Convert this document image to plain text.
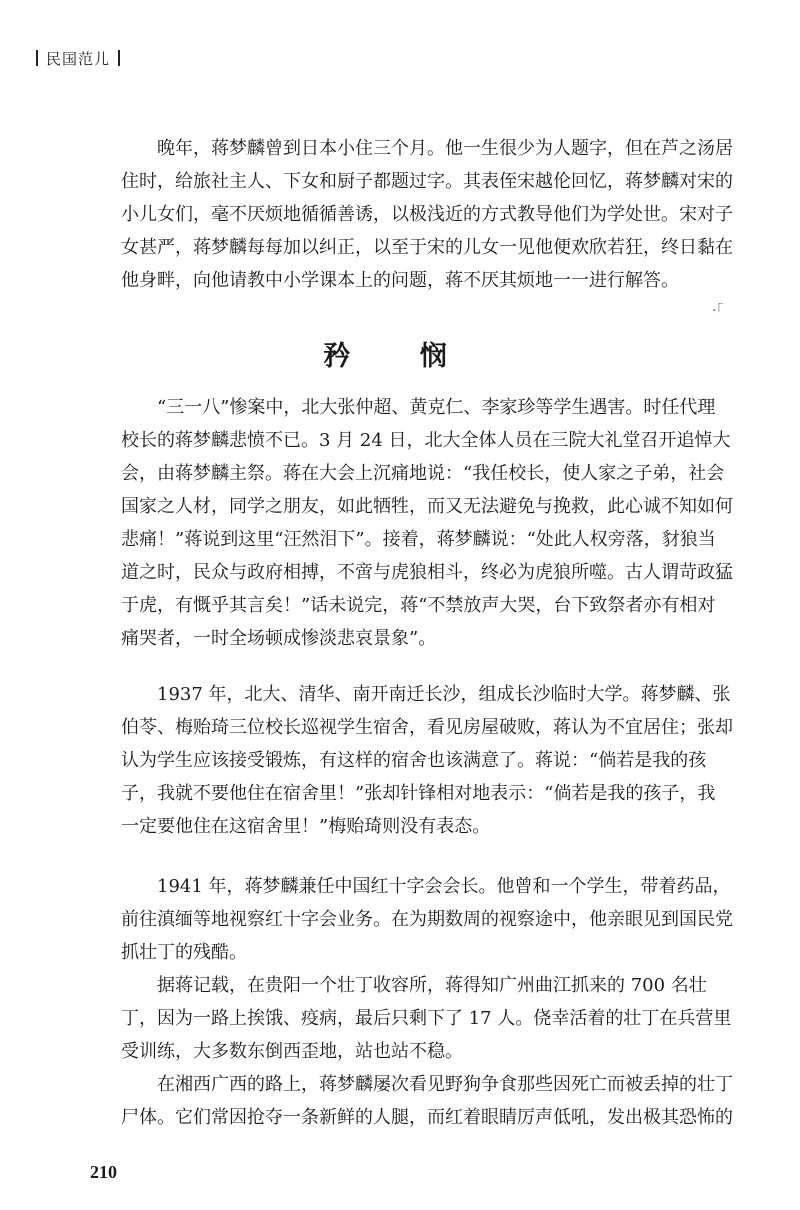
民国范儿

晚年，蒋梦麟曾到日本小住三个月。他一生很少为人题字，但在芦之汤居住时，给旅社主人、下女和厨子都题过字。其表侄宋越伦回忆，蒋梦麟对宋的小儿女们，毫不厌烦地循循善诱，以极浅近的方式教导他们为学处世。宋对子女甚严，蒋梦麟每每加以纠正，以至于宋的儿女一见他便欢欣若狂，终日黏在他身畔，向他请教中小学课本上的问题，蒋不厌其烦地一一进行解答。

·「
矜 悯

“三一八”惨案中，北大张仲超、黄克仁、李家珍等学生遇害。时任代理校长的蒋梦麟悲愤不已。3 月 24 日，北大全体人员在三院大礼堂召开追悼大会，由蒋梦麟主祭。蒋在大会上沉痛地说：“我任校长，使人家之子弟，社会国家之人材，同学之朋友，如此牺牲，而又无法避免与挽救，此心诚不知如何悲痛！”蒋说到这里“汪然泪下”。接着，蒋梦麟说：“处此人权旁落，豺狼当道之时，民众与政府相搏，不啻与虎狼相斗，终必为虎狼所噬。古人谓苛政猛于虎，有慨乎其言矣！”话未说完，蒋“不禁放声大哭，台下致祭者亦有相对痛哭者，一时全场顿成惨淡悲哀景象”。

1937 年，北大、清华、南开南迁长沙，组成长沙临时大学。蒋梦麟、张伯苓、梅贻琦三位校长巡视学生宿舍，看见房屋破败，蒋认为不宜居住；张却认为学生应该接受锻炼，有这样的宿舍也该满意了。蒋说：“倘若是我的孩子，我就不要他住在宿舍里！”张却针锋相对地表示：“倘若是我的孩子，我一定要他住在这宿舍里！”梅贻琦则没有表态。

1941 年，蒋梦麟兼任中国红十字会会长。他曾和一个学生，带着药品，前往滇缅等地视察红十字会业务。在为期数周的视察途中，他亲眼见到国民党抓壮丁的残酷。

据蒋记载，在贵阳一个壮丁收容所，蒋得知广州曲江抓来的 700 名壮丁，因为一路上挨饿、疫病，最后只剩下了 17 人。侥幸活着的壮丁在兵营里受训练，大多数东倒西歪地，站也站不稳。

在湘西广西的路上，蒋梦麟屡次看见野狗争食那些因死亡而被丢掉的壮丁尸体。它们常因抢夺一条新鲜的人腿，而红着眼睛厉声低吼，发出极其恐怖的

210
